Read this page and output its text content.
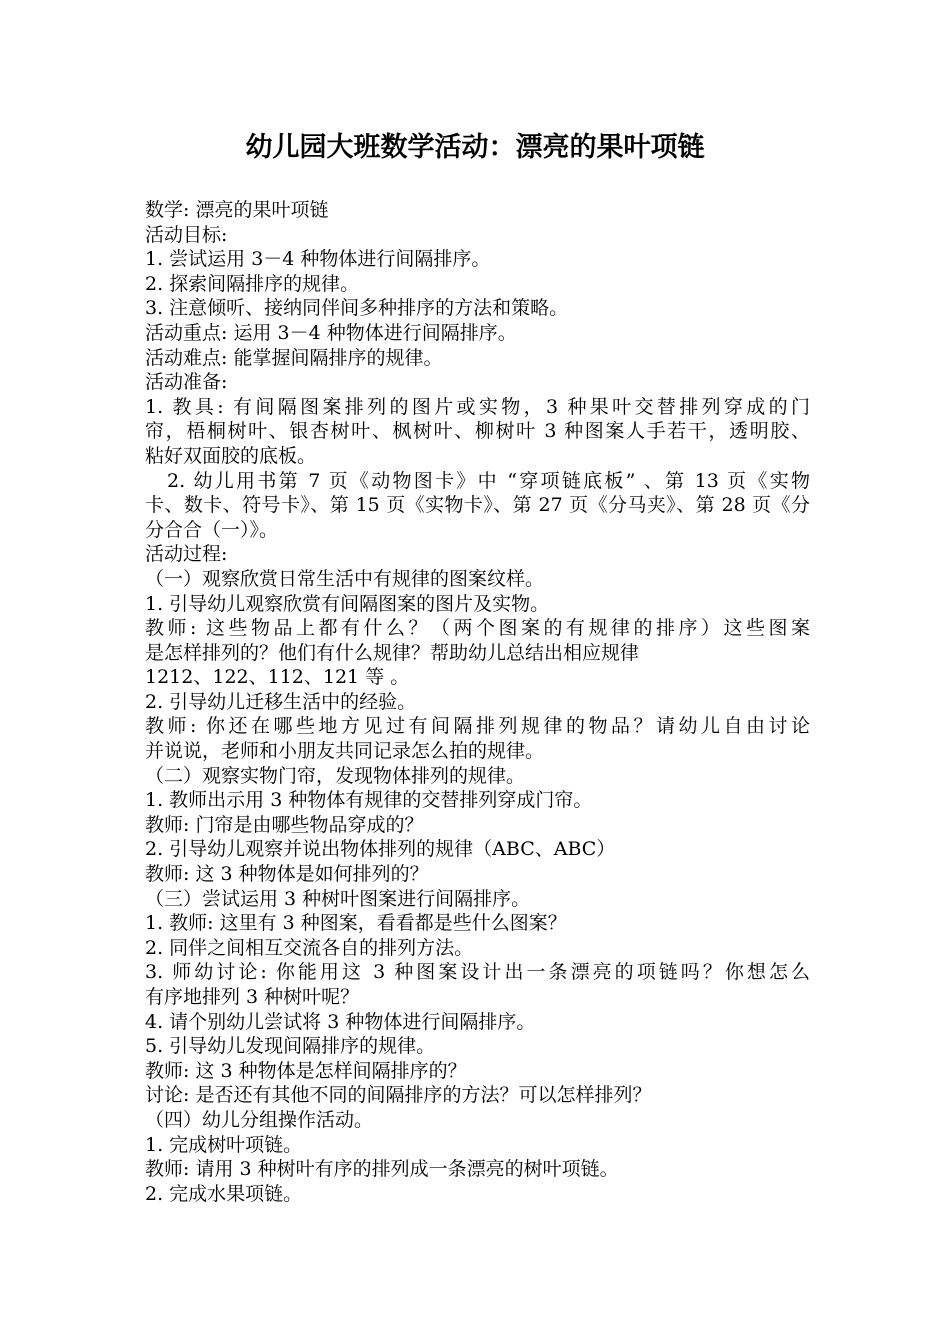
幼儿园大班数学活动：漂亮的果叶项链
数学: 漂亮的果叶项链
活动目标:
1. 尝试运用 3－4 种物体进行间隔排序。
2. 探索间隔排序的规律。
3. 注意倾听、接纳同伴间多种排序的方法和策略。
活动重点: 运用 3－4 种物体进行间隔排序。
活动难点: 能掌握间隔排序的规律。
活动准备:
1. 教具: 有间隔图案排列的图片或实物，3 种果叶交替排列穿成的门
帘，梧桐树叶、银杏树叶、枫树叶、柳树叶 3 种图案人手若干，透明胶、
粘好双面胶的底板。
2. 幼儿用书第 7 页《动物图卡》中 “穿项链底板” 、第 13 页《实物
卡、数卡、符号卡》、第 15 页《实物卡》、第 27 页《分马夹》、第 28 页《分
分合合（一）》。
活动过程:
（一）观察欣赏日常生活中有规律的图案纹样。
1. 引导幼儿观察欣赏有间隔图案的图片及实物。
教师: 这些物品上都有什么？（两个图案的有规律的排序）这些图案
是怎样排列的？他们有什么规律？帮助幼儿总结出相应规律
1212、122、112、121 等 。
2. 引导幼儿迁移生活中的经验。
教师: 你还在哪些地方见过有间隔排列规律的物品？请幼儿自由讨论
并说说，老师和小朋友共同记录怎么拍的规律。
（二）观察实物门帘，发现物体排列的规律。
1. 教师出示用 3 种物体有规律的交替排列穿成门帘。
教师: 门帘是由哪些物品穿成的？
2. 引导幼儿观察并说出物体排列的规律（ABC、ABC）
教师: 这 3 种物体是如何排列的？
（三）尝试运用 3 种树叶图案进行间隔排序。
1. 教师: 这里有 3 种图案，看看都是些什么图案？
2. 同伴之间相互交流各自的排列方法。
3. 师幼讨论: 你能用这 3 种图案设计出一条漂亮的项链吗？你想怎么
有序地排列 3 种树叶呢？
4. 请个别幼儿尝试将 3 种物体进行间隔排序。
5. 引导幼儿发现间隔排序的规律。
教师: 这 3 种物体是怎样间隔排序的？
讨论: 是否还有其他不同的间隔排序的方法？可以怎样排列？
（四）幼儿分组操作活动。
1. 完成树叶项链。
教师: 请用 3 种树叶有序的排列成一条漂亮的树叶项链。
2. 完成水果项链。
